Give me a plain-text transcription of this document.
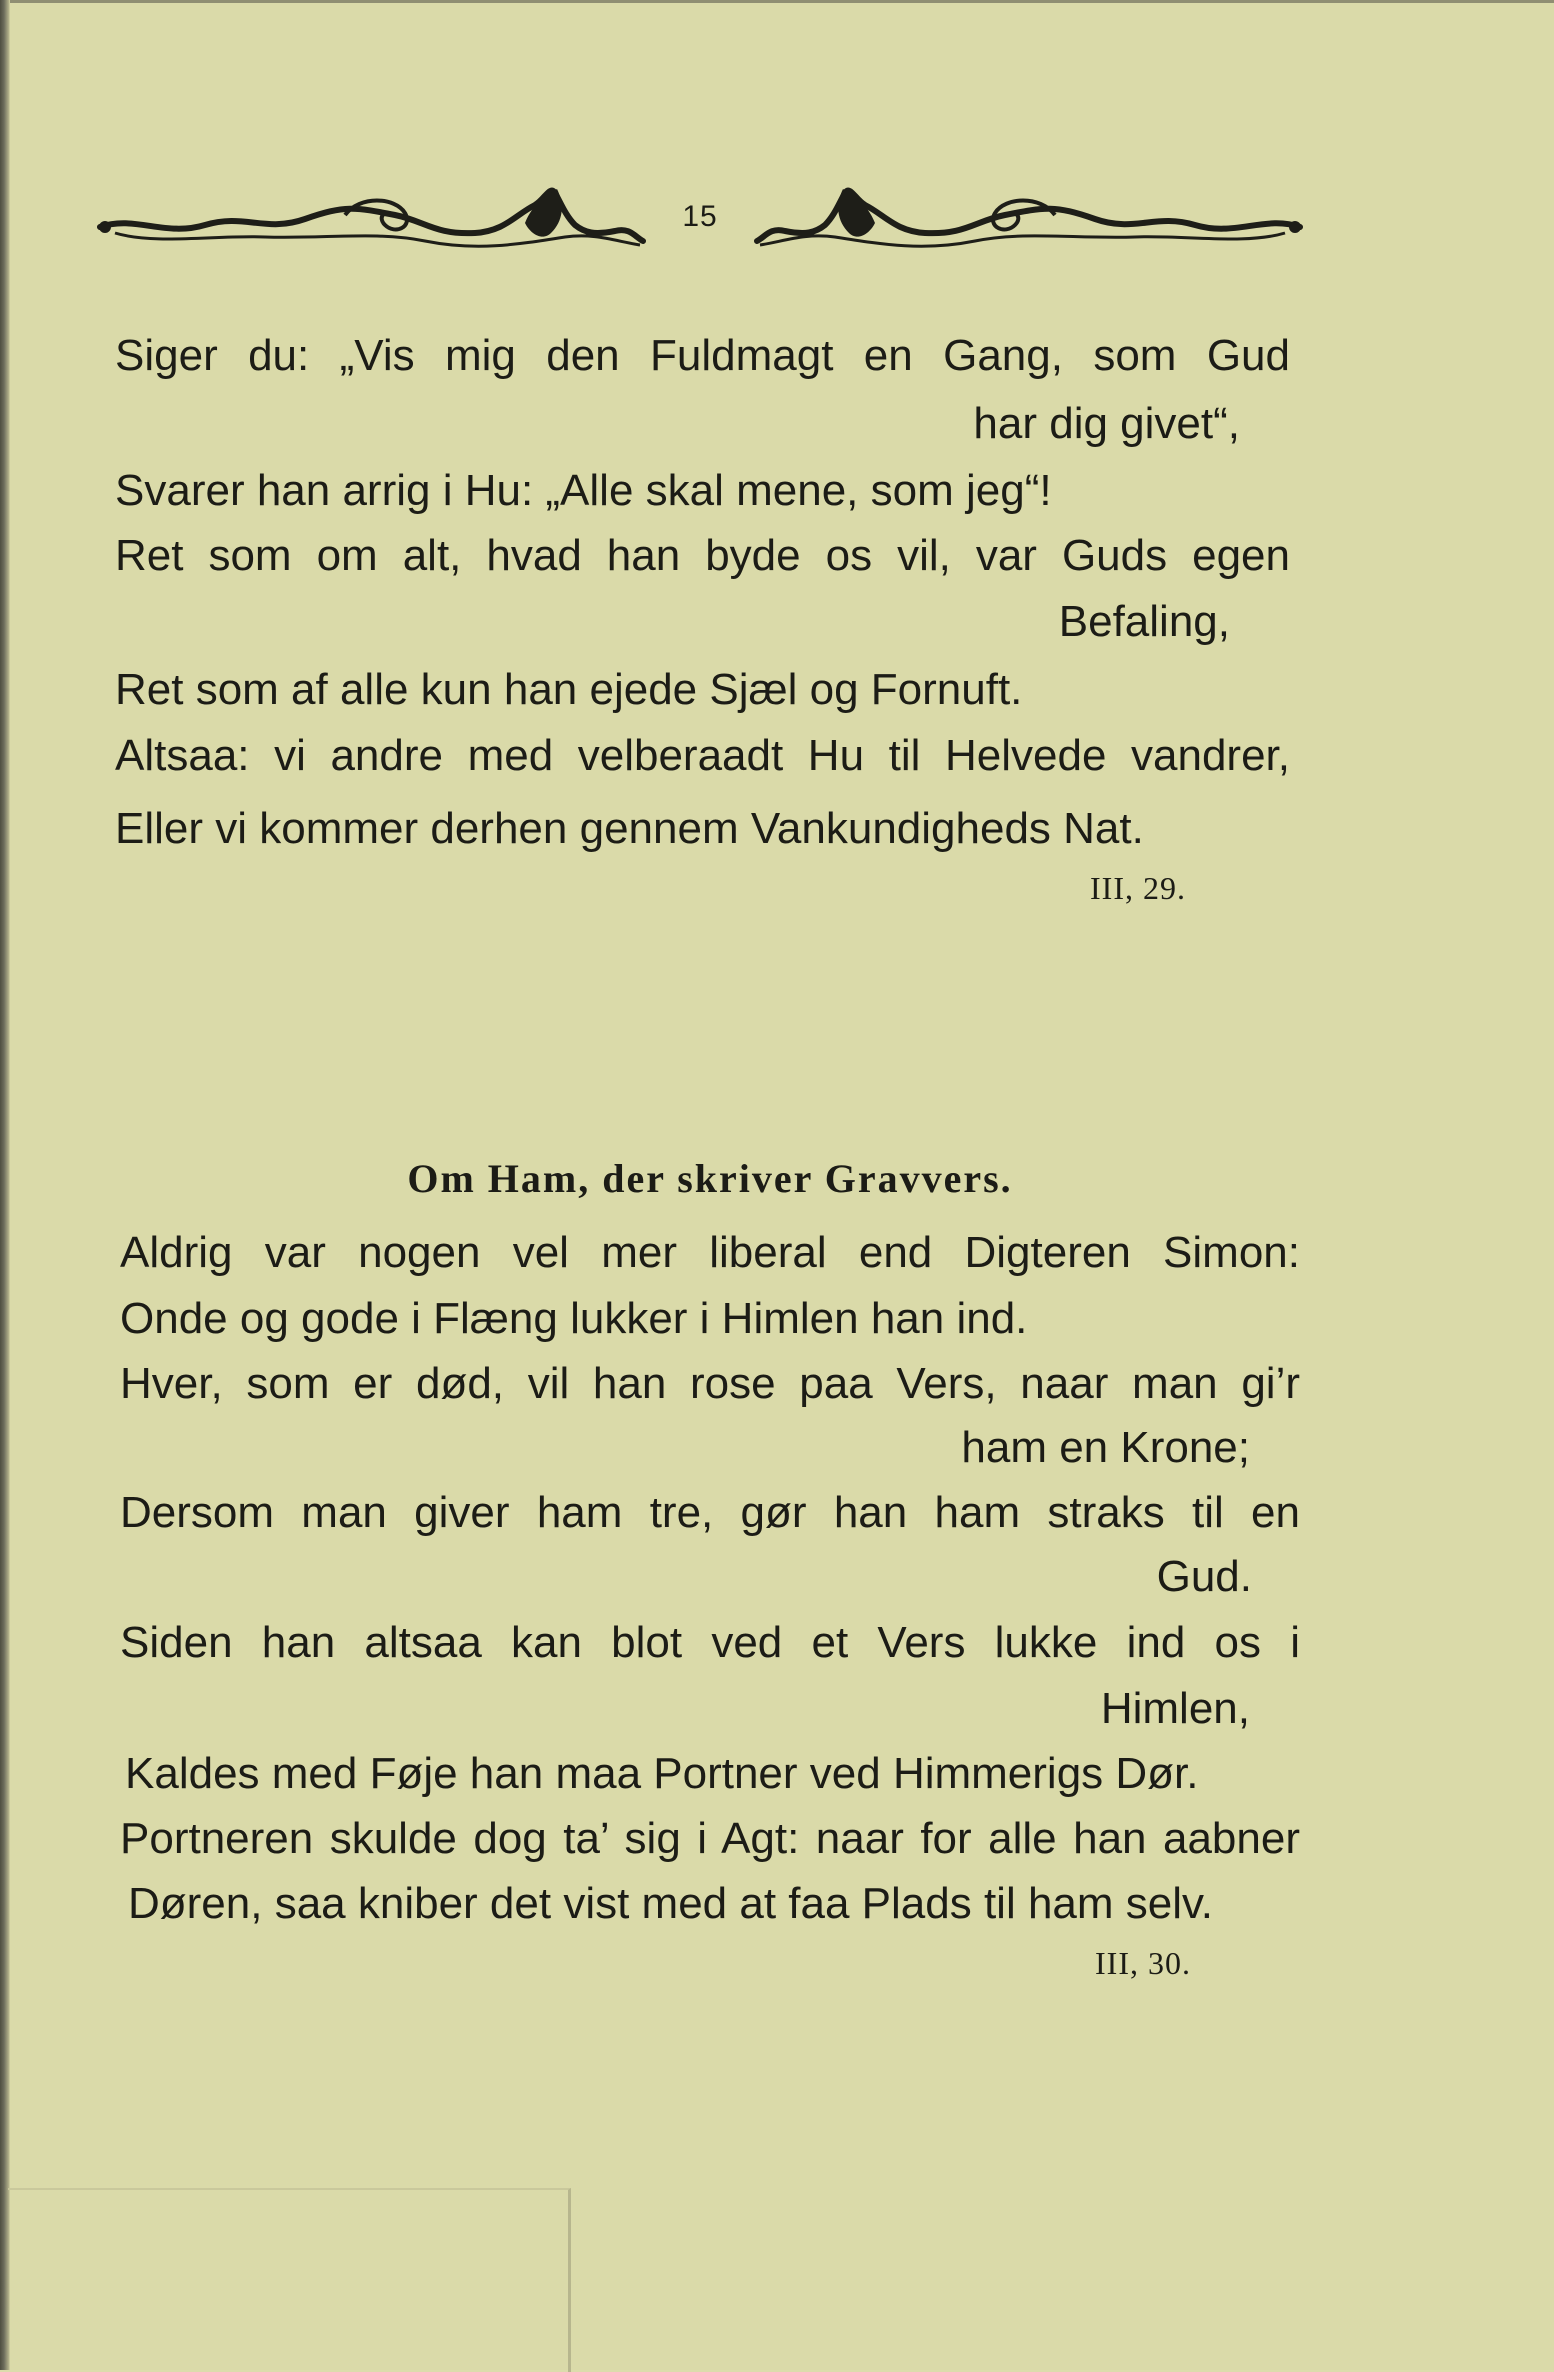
15
Siger du: „Vis mig den Fuldmagt en Gang, som Gud
har dig givet“,
Svarer han arrig i Hu: „Alle skal mene, som jeg“!
Ret som om alt, hvad han byde os vil, var Guds egen
Befaling,
Ret som af alle kun han ejede Sjæl og Fornuft.
Altsaa: vi andre med velberaadt Hu til Helvede vandrer,
Eller vi kommer derhen gennem Vankundigheds Nat.
III, 29.
Om Ham, der skriver Gravvers.
Aldrig var nogen vel mer liberal end Digteren Simon:
Onde og gode i Flæng lukker i Himlen han ind.
Hver, som er død, vil han rose paa Vers, naar man gi’r
ham en Krone;
Dersom man giver ham tre, gør han ham straks til en
Gud.
Siden han altsaa kan blot ved et Vers lukke ind os i
Himlen,
Kaldes med Føje han maa Portner ved Himmerigs Dør.
Portneren skulde dog ta’ sig i Agt: naar for alle han aabner
Døren, saa kniber det vist med at faa Plads til ham selv.
III, 30.
